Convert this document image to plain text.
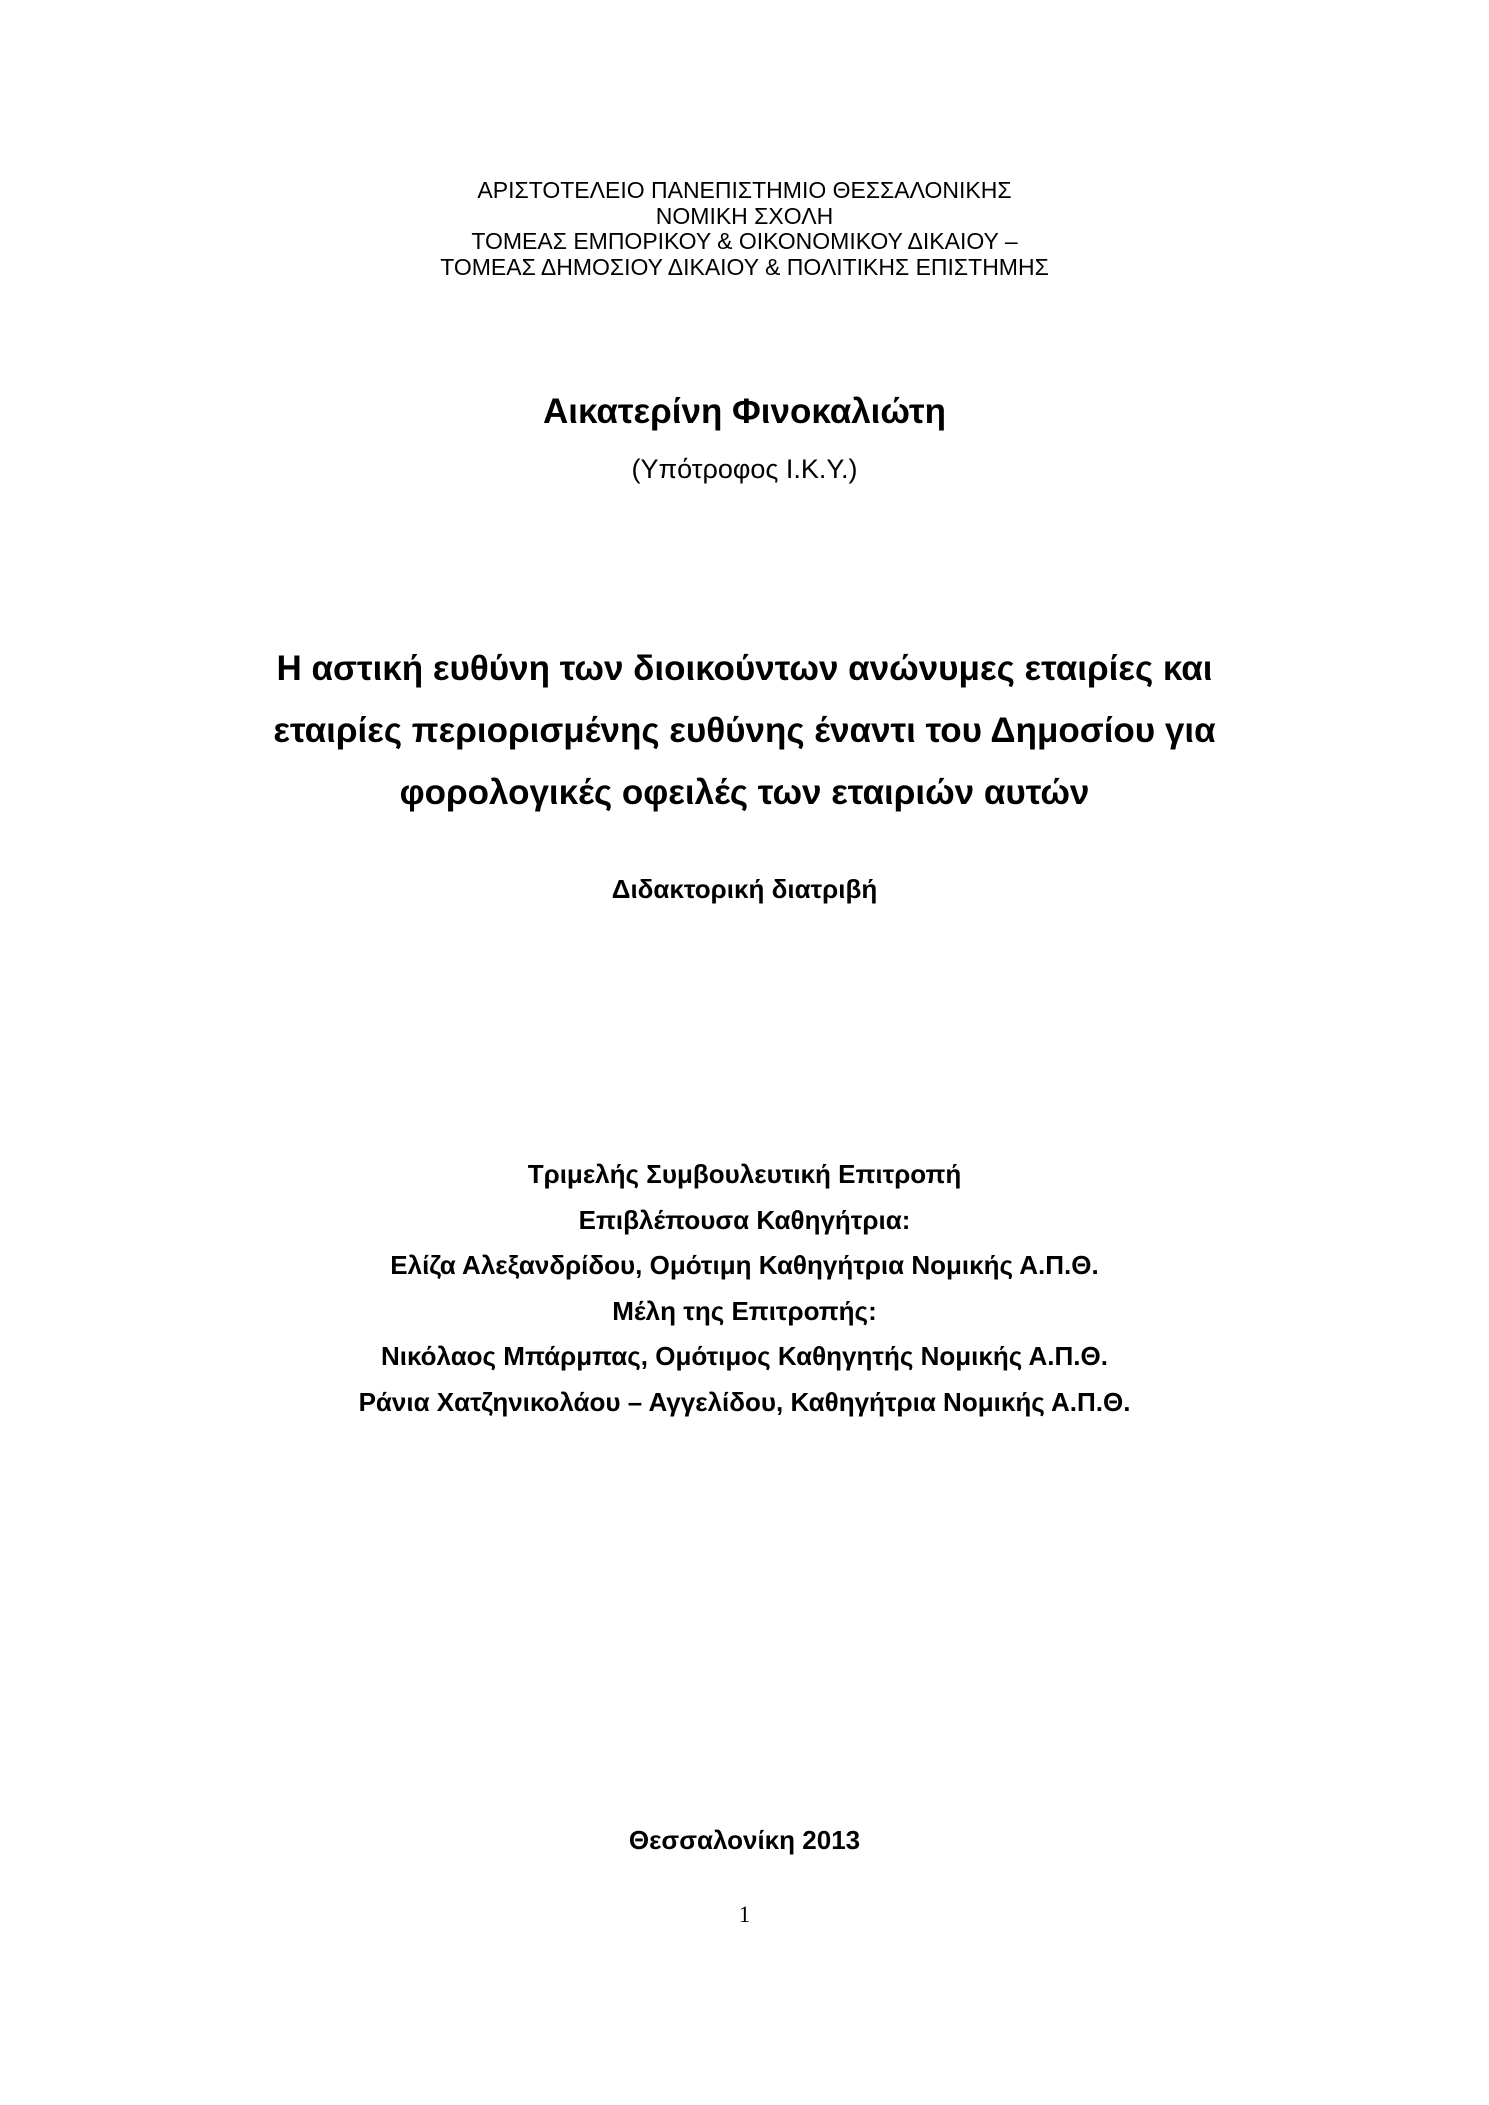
ΑΡΙΣΤΟΤΕΛΕΙΟ ΠΑΝΕΠΙΣΤΗΜΙΟ ΘΕΣΣΑΛΟΝΙΚΗΣ
ΝΟΜΙΚΗ ΣΧΟΛΗ
ΤΟΜΕΑΣ ΕΜΠΟΡΙΚΟΥ & ΟΙΚΟΝΟΜΙΚΟΥ ΔΙΚΑΙΟΥ –
ΤΟΜΕΑΣ ΔΗΜΟΣΙΟΥ ΔΙΚΑΙΟΥ & ΠΟΛΙΤΙΚΗΣ ΕΠΙΣΤΗΜΗΣ
Αικατερίνη Φινοκαλιώτη
(Υπότροφος Ι.Κ.Υ.)
Η αστική ευθύνη των διοικούντων ανώνυμες εταιρίες και
εταιρίες περιορισμένης ευθύνης έναντι του Δημοσίου για
φορολογικές οφειλές των εταιριών αυτών
Διδακτορική διατριβή
Τριμελής Συμβουλευτική Επιτροπή
Επιβλέπουσα Καθηγήτρια:
Ελίζα Αλεξανδρίδου, Ομότιμη Καθηγήτρια Νομικής Α.Π.Θ.
Μέλη της Επιτροπής:
Νικόλαος Μπάρμπας, Ομότιμος Καθηγητής Νομικής Α.Π.Θ.
Ράνια Χατζηνικολάου – Αγγελίδου, Καθηγήτρια Νομικής Α.Π.Θ.
Θεσσαλονίκη 2013
1
